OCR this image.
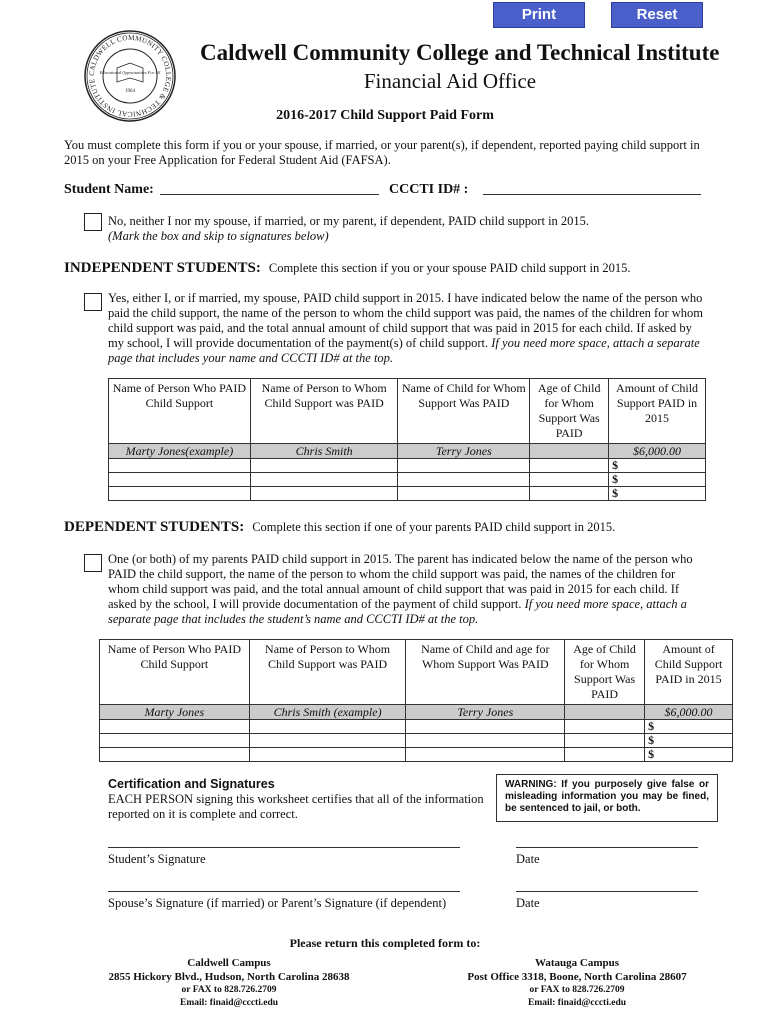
Print	Reset
CALDWELL COMMUNITY COLLEGE & TECHNICAL INSTITUTE
Educational Opportunities For All
1964
Caldwell Community College and Technical Institute
Financial Aid Office
2016-2017 Child Support Paid Form
You must complete this form if you or your spouse, if married, or your parent(s), if dependent, reported paying child support in 2015 on your Free Application for Federal Student Aid (FAFSA).
Student Name:	CCCTI ID# :
No, neither I nor my spouse, if married, or my parent, if dependent, PAID child support in 2015.
(Mark the box and skip to signatures below)
INDEPENDENT STUDENTS: Complete this section if you or your spouse PAID child support in 2015.
Yes, either I, or if married, my spouse, PAID child support in 2015. I have indicated below the name of the person who paid the child support, the name of the person to whom the child support was paid, the names of the children for whom child support was paid, and the total annual amount of child support that was paid in 2015 for each child. If asked by my school, I will provide documentation of the payment(s) of child support. If you need more space, attach a separate page that includes your name and CCCTI ID# at the top.
Name of Person Who PAID Child Support	Name of Person to Whom Child Support was PAID	Name of Child for Whom Support Was PAID	Age of Child for Whom Support Was PAID	Amount of Child Support PAID in 2015
Marty Jones(example)	Chris Smith	Terry Jones		$6,000.00
				$
				$
				$
DEPENDENT STUDENTS: Complete this section if one of your parents PAID child support in 2015.
One (or both) of my parents PAID child support in 2015. The parent has indicated below the name of the person who PAID the child support, the name of the person to whom the child support was paid, the names of the children for whom child support was paid, and the total annual amount of child support that was paid in 2015 for each child. If asked by the school, I will provide documentation of the payment of child support. If you need more space, attach a separate page that includes the student’s name and CCCTI ID# at the top.
Name of Person Who PAID Child Support	Name of Person to Whom Child Support was PAID	Name of Child and age for Whom Support Was PAID	Age of Child for Whom Support Was PAID	Amount of Child Support PAID in 2015
Marty Jones	Chris Smith (example)	Terry Jones		$6,000.00
				$
				$
				$
Certification and Signatures
EACH PERSON signing this worksheet certifies that all of the information reported on it is complete and correct.
WARNING: If you purposely give false or misleading information you may be fined, be sentenced to jail, or both.
Student’s Signature	Date
Spouse’s Signature (if married) or Parent’s Signature (if dependent)	Date
Please return this completed form to:
Caldwell Campus
2855 Hickory Blvd., Hudson, North Carolina 28638
or FAX to 828.726.2709
Email: finaid@cccti.edu
Watauga Campus
Post Office 3318, Boone, North Carolina 28607
or FAX to 828.726.2709
Email: finaid@cccti.edu
